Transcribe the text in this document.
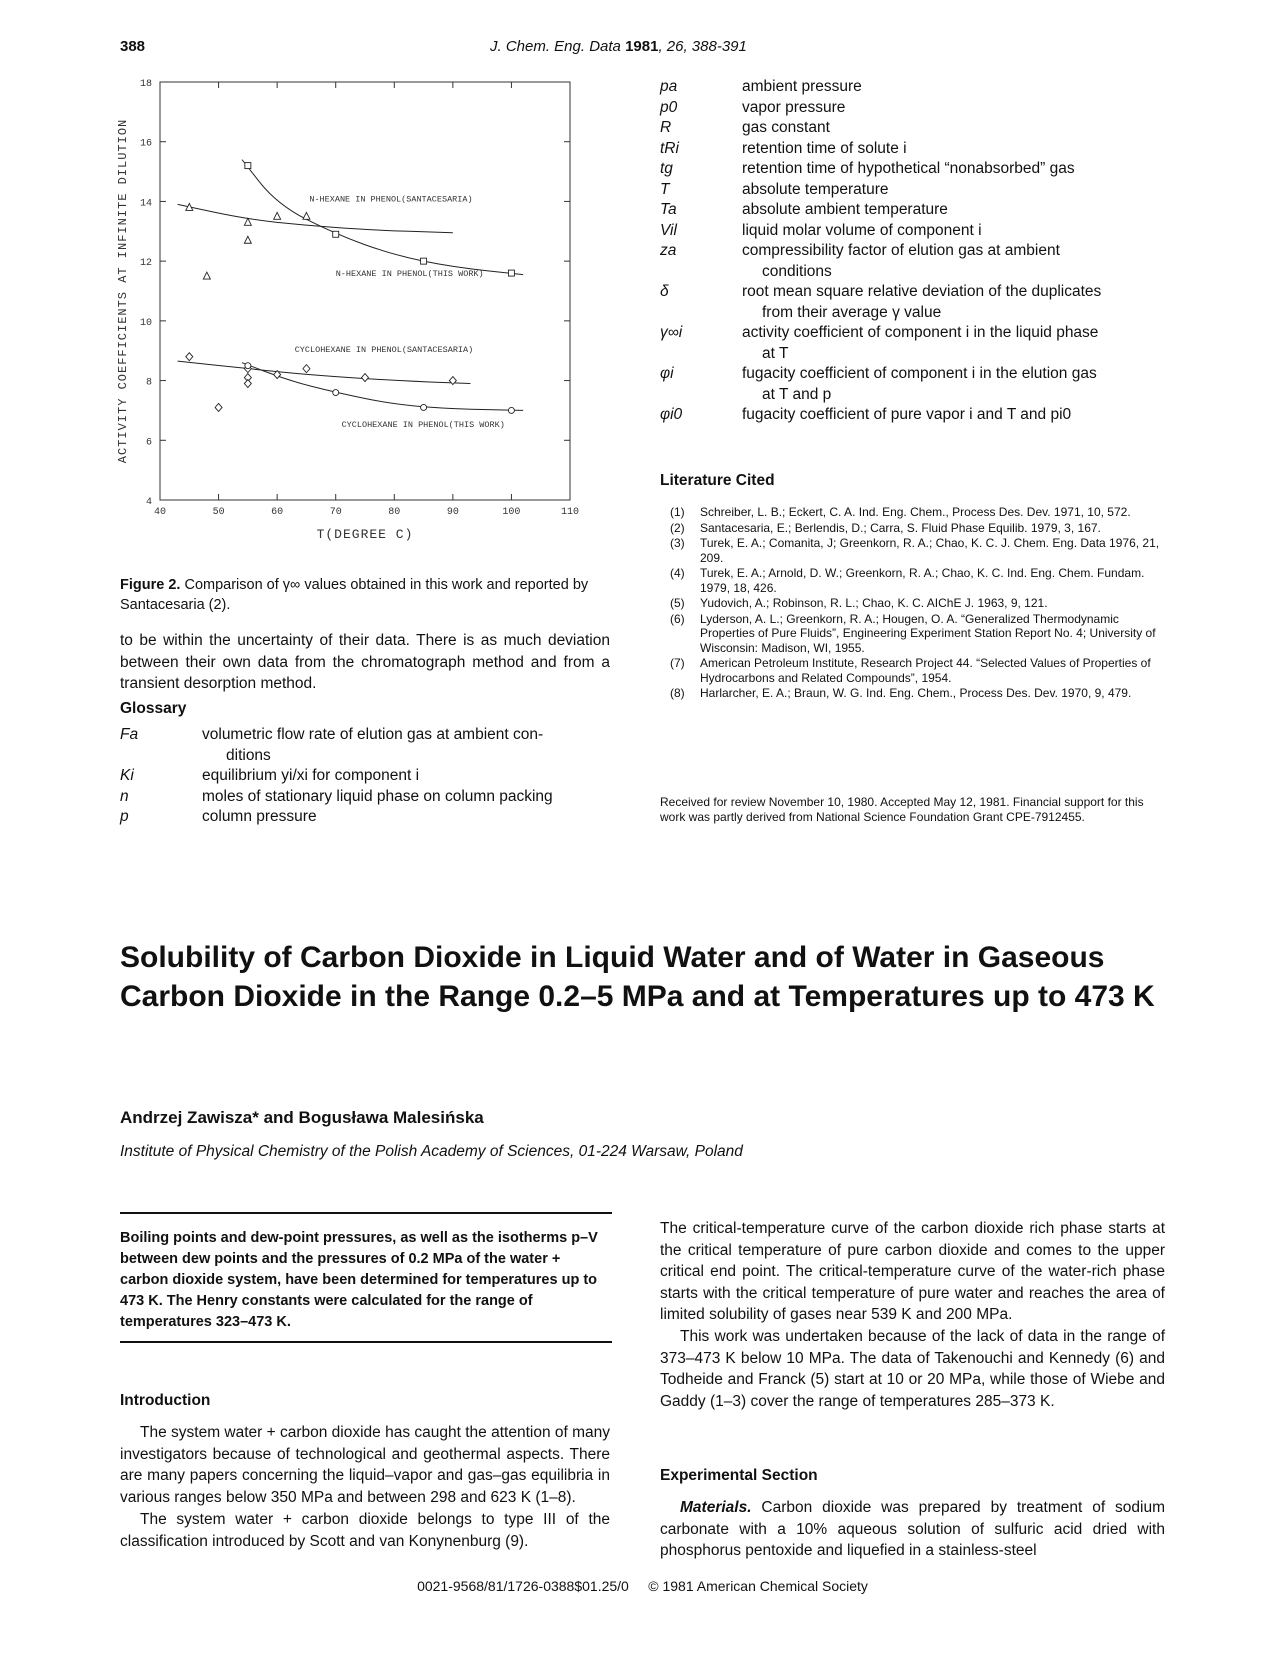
388	J. Chem. Eng. Data 1981, 26, 388-391
40	50	60	70	80	90	100	110
4
6
8
10
12
14
16
18
T(DEGREE C)
ACTIVITY COEFFICIENTS AT INFINITE DILUTION	N-HEXANE IN PHENOL(SANTACESARIA)
N-HEXANE IN PHENOL(THIS WORK)
CYCLOHEXANE IN PHENOL(SANTACESARIA)
CYCLOHEXANE IN PHENOL(THIS WORK)
Figure 2. Comparison of γ∞ values obtained in this work and reported by Santacesaria (2).
to be within the uncertainty of their data. There is as much deviation between their own data from the chromatograph method and from a transient desorption method.
Glossary
Fa	volumetric flow rate of elution gas at ambient con-
ditions
Ki	equilibrium yi/xi for component i
n	moles of stationary liquid phase on column packing
p	column pressure
pa	ambient pressure
p0	vapor pressure
R	gas constant
tRi	retention time of solute i
tg	retention time of hypothetical “nonabsorbed” gas
T	absolute temperature
Ta	absolute ambient temperature
Vil	liquid molar volume of component i
za	compressibility factor of elution gas at ambient
conditions
δ	root mean square relative deviation of the duplicates
from their average γ value
γ∞i	activity coefficient of component i in the liquid phase
at T
φi	fugacity coefficient of component i in the elution gas
at T and p
φi0	fugacity coefficient of pure vapor i and T and pi0
Literature Cited
(1) Schreiber, L. B.; Eckert, C. A. Ind. Eng. Chem., Process Des. Dev. 1971, 10, 572.
(2) Santacesaria, E.; Berlendis, D.; Carra, S. Fluid Phase Equilib. 1979, 3, 167.
(3) Turek, E. A.; Comanita, J; Greenkorn, R. A.; Chao, K. C. J. Chem. Eng. Data 1976, 21, 209.
(4) Turek, E. A.; Arnold, D. W.; Greenkorn, R. A.; Chao, K. C. Ind. Eng. Chem. Fundam. 1979, 18, 426.
(5) Yudovich, A.; Robinson, R. L.; Chao, K. C. AIChE J. 1963, 9, 121.
(6) Lyderson, A. L.; Greenkorn, R. A.; Hougen, O. A. “Generalized Thermodynamic Properties of Pure Fluids”, Engineering Experiment Station Report No. 4; University of Wisconsin: Madison, WI, 1955.
(7) American Petroleum Institute, Research Project 44. “Selected Values of Properties of Hydrocarbons and Related Compounds”, 1954.
(8) Harlarcher, E. A.; Braun, W. G. Ind. Eng. Chem., Process Des. Dev. 1970, 9, 479.
Received for review November 10, 1980. Accepted May 12, 1981. Financial support for this work was partly derived from National Science Foundation Grant CPE-7912455.
Solubility of Carbon Dioxide in Liquid Water and of Water in Gaseous Carbon Dioxide in the Range 0.2–5 MPa and at Temperatures up to 473 K
Andrzej Zawisza* and Bogusława Malesińska
Institute of Physical Chemistry of the Polish Academy of Sciences, 01-224 Warsaw, Poland

Boiling points and dew-point pressures, as well as the isotherms p–V between dew points and the pressures of 0.2 MPa of the water + carbon dioxide system, have been determined for temperatures up to 473 K. The Henry constants were calculated for the range of temperatures 323–473 K.

Introduction
The system water + carbon dioxide has caught the attention of many investigators because of technological and geothermal aspects. There are many papers concerning the liquid–vapor and gas–gas equilibria in various ranges below 350 MPa and between 298 and 623 K (1–8).
The system water + carbon dioxide belongs to type III of the classification introduced by Scott and van Konynenburg (9).
The critical-temperature curve of the carbon dioxide rich phase starts at the critical temperature of pure carbon dioxide and comes to the upper critical end point. The critical-temperature curve of the water-rich phase starts with the critical temperature of pure water and reaches the area of limited solubility of gases near 539 K and 200 MPa.
This work was undertaken because of the lack of data in the range of 373–473 K below 10 MPa. The data of Takenouchi and Kennedy (6) and Todheide and Franck (5) start at 10 or 20 MPa, while those of Wiebe and Gaddy (1–3) cover the range of temperatures 285–373 K.
Experimental Section
Materials. Carbon dioxide was prepared by treatment of sodium carbonate with a 10% aqueous solution of sulfuric acid dried with phosphorus pentoxide and liquefied in a stainless-steel
0021-9568/81/1726-0388$01.25/0 © 1981 American Chemical Society
